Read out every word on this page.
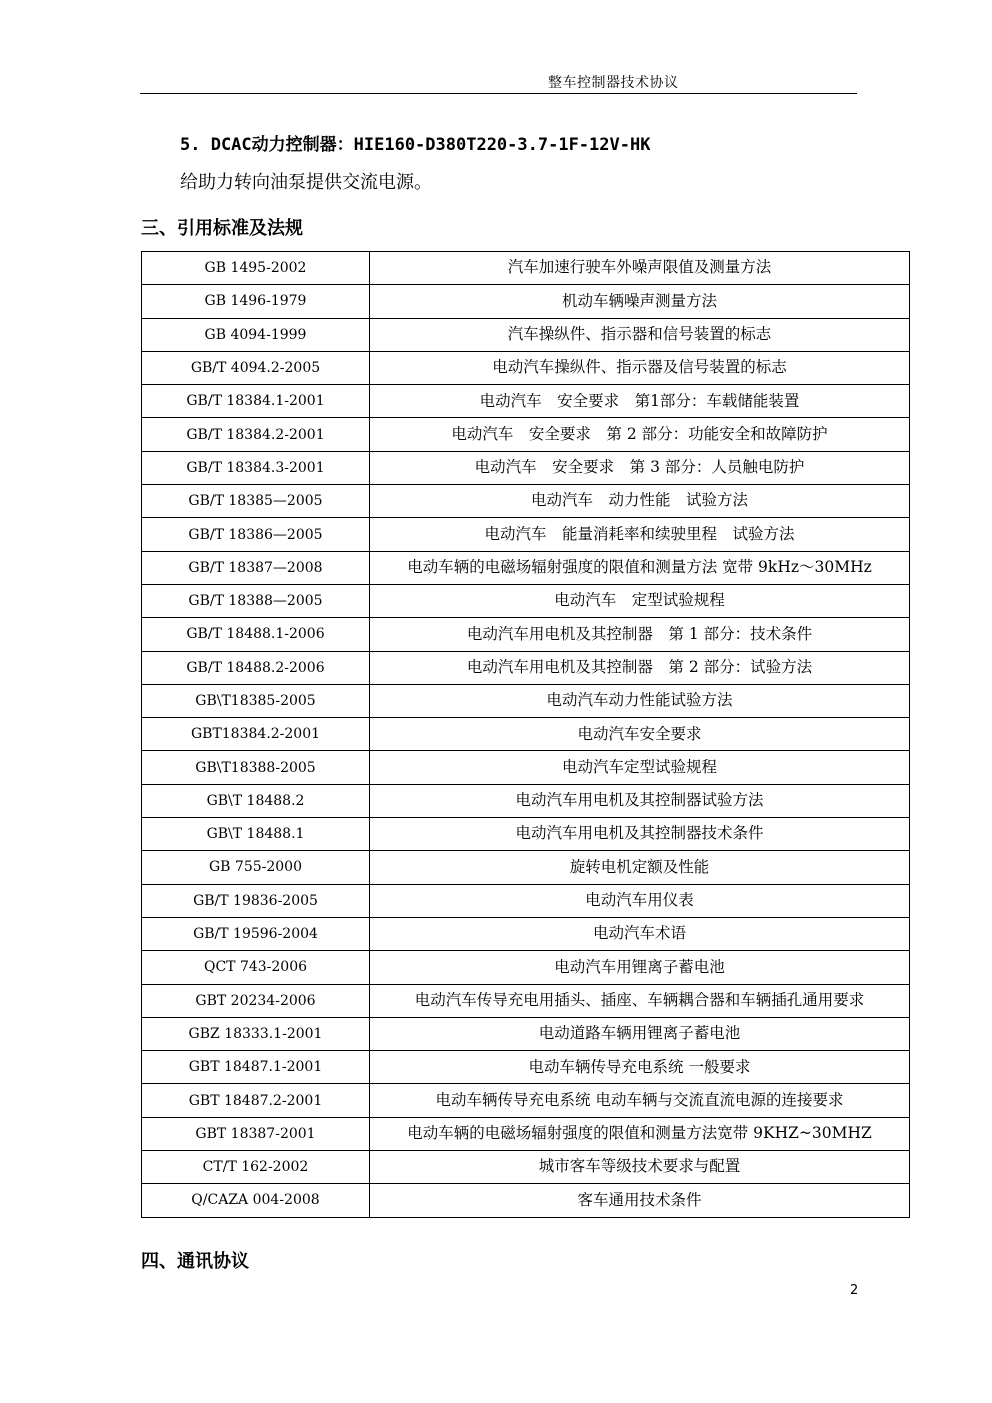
整车控制器技术协议
5. DCAC动力控制器：HIE160-D380T220-3.7-1F-12V-HK
给助力转向油泵提供交流电源。
三、引用标准及法规
GB 1495-2002	汽车加速行驶车外噪声限值及测量方法
GB 1496-1979	机动车辆噪声测量方法
GB 4094-1999	汽车操纵件、指示器和信号装置的标志
GB/T 4094.2-2005	电动汽车操纵件、指示器及信号装置的标志
GB/T 18384.1-2001	电动汽车　安全要求　第1部分：车载储能装置
GB/T 18384.2-2001	电动汽车　安全要求　第 2 部分：功能安全和故障防护
GB/T 18384.3-2001	电动汽车　安全要求　第 3 部分：人员触电防护
GB/T 18385—2005	电动汽车　动力性能　试验方法
GB/T 18386—2005	电动汽车　能量消耗率和续驶里程　试验方法
GB/T 18387—2008	电动车辆的电磁场辐射强度的限值和测量方法 宽带 9kHz～30MHz
GB/T 18388—2005	电动汽车　定型试验规程
GB/T 18488.1-2006	电动汽车用电机及其控制器　第 1 部分：技术条件
GB/T 18488.2-2006	电动汽车用电机及其控制器　第 2 部分：试验方法
GB\T18385-2005	电动汽车动力性能试验方法
GBT18384.2-2001	电动汽车安全要求
GB\T18388-2005	电动汽车定型试验规程
GB\T 18488.2	电动汽车用电机及其控制器试验方法
GB\T 18488.1	电动汽车用电机及其控制器技术条件
GB 755-2000	旋转电机定额及性能
GB/T 19836-2005	电动汽车用仪表
GB/T 19596-2004	电动汽车术语
QCT 743-2006	电动汽车用锂离子蓄电池
GBT 20234-2006	电动汽车传导充电用插头、插座、车辆耦合器和车辆插孔通用要求
GBZ 18333.1-2001	电动道路车辆用锂离子蓄电池
GBT 18487.1-2001	电动车辆传导充电系统 一般要求
GBT 18487.2-2001	电动车辆传导充电系统 电动车辆与交流直流电源的连接要求
GBT 18387-2001	电动车辆的电磁场辐射强度的限值和测量方法宽带 9KHZ~30MHZ
CT/T 162-2002	城市客车等级技术要求与配置
Q/CAZA 004-2008	客车通用技术条件
四、通讯协议
2
